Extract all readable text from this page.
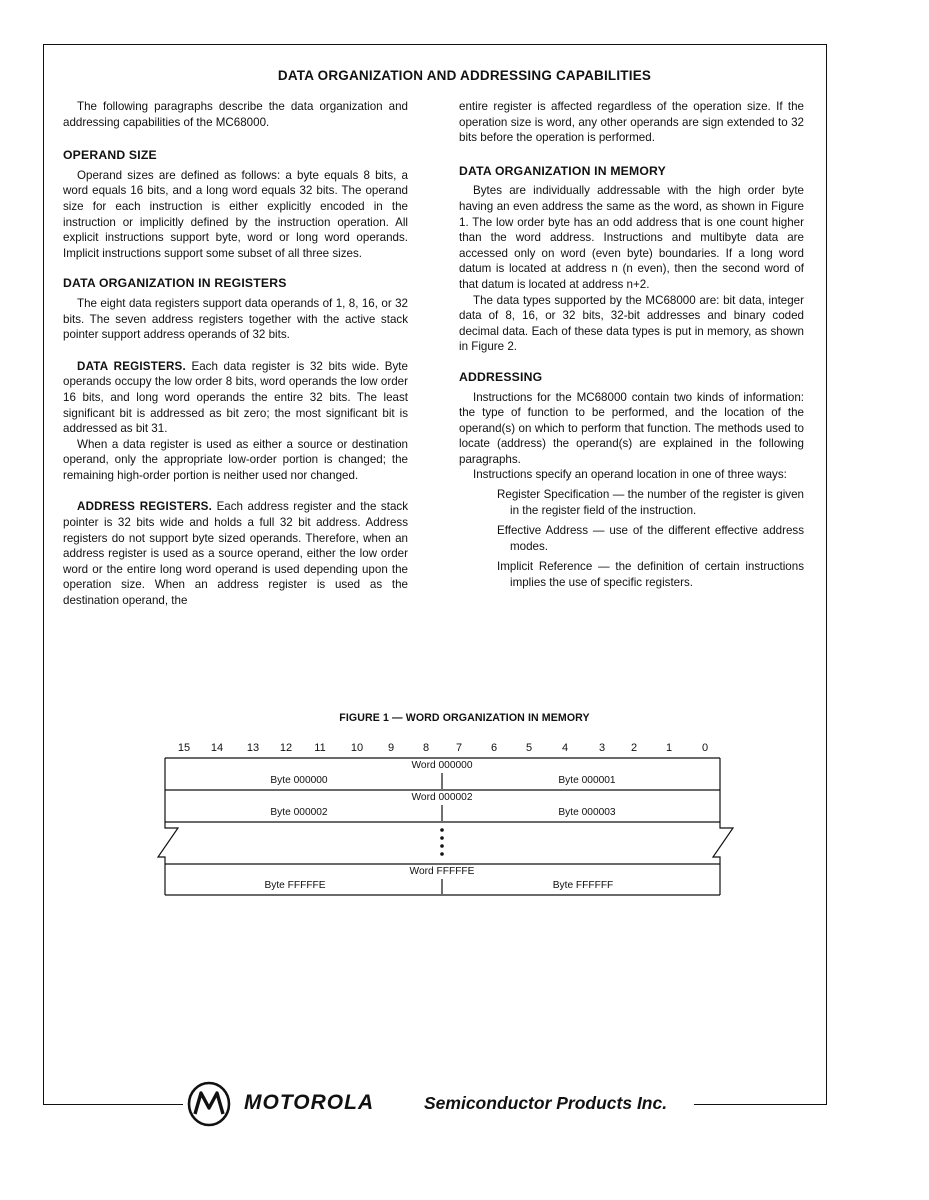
DATA ORGANIZATION AND ADDRESSING CAPABILITIES

The following paragraphs describe the data organization and addressing capabilities of the MC68000.

OPERAND SIZE

Operand sizes are defined as follows: a byte equals 8 bits, a word equals 16 bits, and a long word equals 32 bits. The operand size for each instruction is either explicitly encoded in the instruction or implicitly defined by the instruction operation. All explicit instructions support byte, word or long word operands. Implicit instructions support some subset of all three sizes.

DATA ORGANIZATION IN REGISTERS

The eight data registers support data operands of 1, 8, 16, or 32 bits. The seven address registers together with the active stack pointer support address operands of 32 bits.

DATA REGISTERS. Each data register is 32 bits wide. Byte operands occupy the low order 8 bits, word operands the low order 16 bits, and long word operands the entire 32 bits. The least significant bit is addressed as bit zero; the most significant bit is addressed as bit 31.

When a data register is used as either a source or destination operand, only the appropriate low-order portion is changed; the remaining high-order portion is neither used nor changed.

ADDRESS REGISTERS. Each address register and the stack pointer is 32 bits wide and holds a full 32 bit address. Address registers do not support byte sized operands. Therefore, when an address register is used as a source operand, either the low order word or the entire long word operand is used depending upon the operation size. When an address register is used as the destination operand, the

entire register is affected regardless of the operation size. If the operation size is word, any other operands are sign extended to 32 bits before the operation is performed.

DATA ORGANIZATION IN MEMORY

Bytes are individually addressable with the high order byte having an even address the same as the word, as shown in Figure 1. The low order byte has an odd address that is one count higher than the word address. Instructions and multibyte data are accessed only on word (even byte) boundaries. If a long word datum is located at address n (n even), then the second word of that datum is located at address n+2.

The data types supported by the MC68000 are: bit data, integer data of 8, 16, or 32 bits, 32-bit addresses and binary coded decimal data. Each of these data types is put in memory, as shown in Figure 2.

ADDRESSING

Instructions for the MC68000 contain two kinds of information: the type of function to be performed, and the location of the operand(s) on which to perform that function. The methods used to locate (address) the operand(s) are explained in the following paragraphs.

Instructions specify an operand location in one of three ways:

Register Specification — the number of the register is given in the register field of the instruction.

Effective Address — use of the different effective address modes.

Implicit Reference — the definition of certain instructions implies the use of specific registers.

FIGURE 1 — WORD ORGANIZATION IN MEMORY
15	14	13	12	11	10	9	8	7	6	5	4	3	2	1	0
Word 000000
Byte 000000	Byte 000001
Word 000002
Byte 000002	Byte 000003
Word FFFFFE
Byte FFFFFE	Byte FFFFFF
MOTOROLA	Semiconductor Products Inc.
